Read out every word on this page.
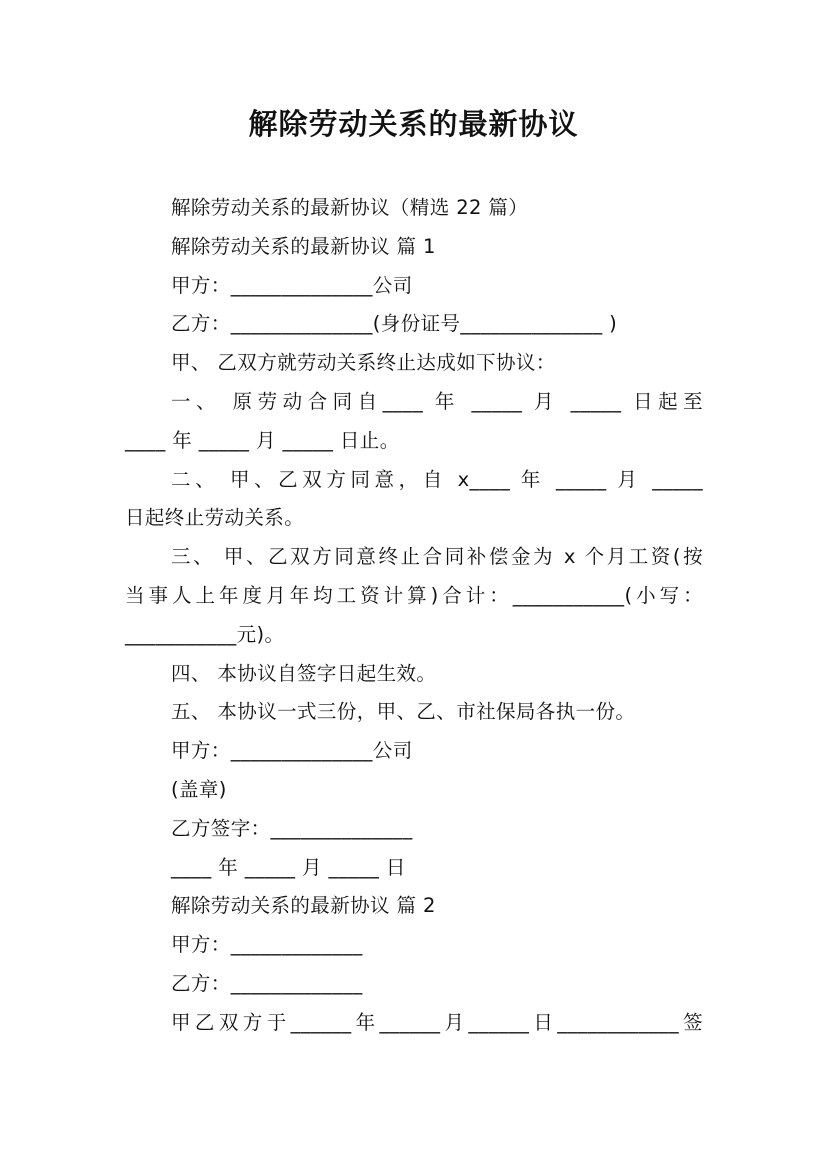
解除劳动关系的最新协议

解除劳动关系的最新协议（精选 22 篇）

解除劳动关系的最新协议 篇 1

甲方：______________公司

乙方：______________(身份证号______________ )

甲、 乙双方就劳动关系终止达成如下协议：

一、 原劳动合同自____ 年 _____ 月 _____ 日起至

____ 年 _____ 月 _____ 日止。

二、 甲、乙双方同意，自 x____ 年 _____ 月 _____

日起终止劳动关系。

三、 甲、乙双方同意终止合同补偿金为 x 个月工资(按

当事人上年度月年均工资计算)合计：___________(小写：

___________元)。

四、 本协议自签字日起生效。

五、 本协议一式三份，甲、乙、市社保局各执一份。

甲方：______________公司

(盖章)

乙方签字：______________

____ 年 _____ 月 _____ 日

解除劳动关系的最新协议 篇 2

甲方：_____________

乙方：_____________

甲乙双方于______年______月______日____________签
